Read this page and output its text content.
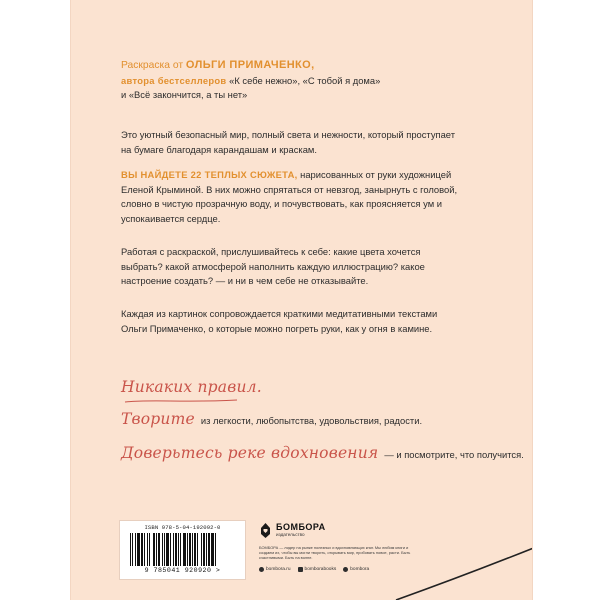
Раскраска от ОЛЬГИ ПРИМАЧЕНКО,
автора бестселлеров «К себе нежно», «С тобой я дома»
и «Всё закончится, а ты нет»
Это уютный безопасный мир, полный света и нежности, который проступает на бумаге благодаря карандашам и краскам.
ВЫ НАЙДЕТЕ 22 ТЕПЛЫХ СЮЖЕТА, нарисованных от руки художницей Еленой Крыминой. В них можно спрятаться от невзгод, занырнуть с головой, словно в чистую прозрачную воду, и почувствовать, как проясняется ум и успокаивается сердце.
Работая с раскраской, прислушивайтесь к себе: какие цвета хочется выбрать? какой атмосферой наполнить каждую иллюстрацию? какое настроение создать? — и ни в чем себе не отказывайте.
Каждая из картинок сопровождается краткими медитативными текстами Ольги Примаченко, о которые можно погреть руки, как у огня в камине.
Никаких правил.
Творите из легкости, любопытства, удовольствия, радости.
Доверьтесь реке вдохновения — и посмотрите, что получится.
ISBN 978-5-04-192092-0
9 785041 920920 >
БОМБОРА
издательство
БОМБОРА — лидер на рынке полезных и вдохновляющих книг. Мы любим книги и создаем их, чтобы вы могли творить, открывать мир, пробовать новое, расти. Быть счастливыми. Быть на волне.
bombora.ru	bomborabooks	bombora
